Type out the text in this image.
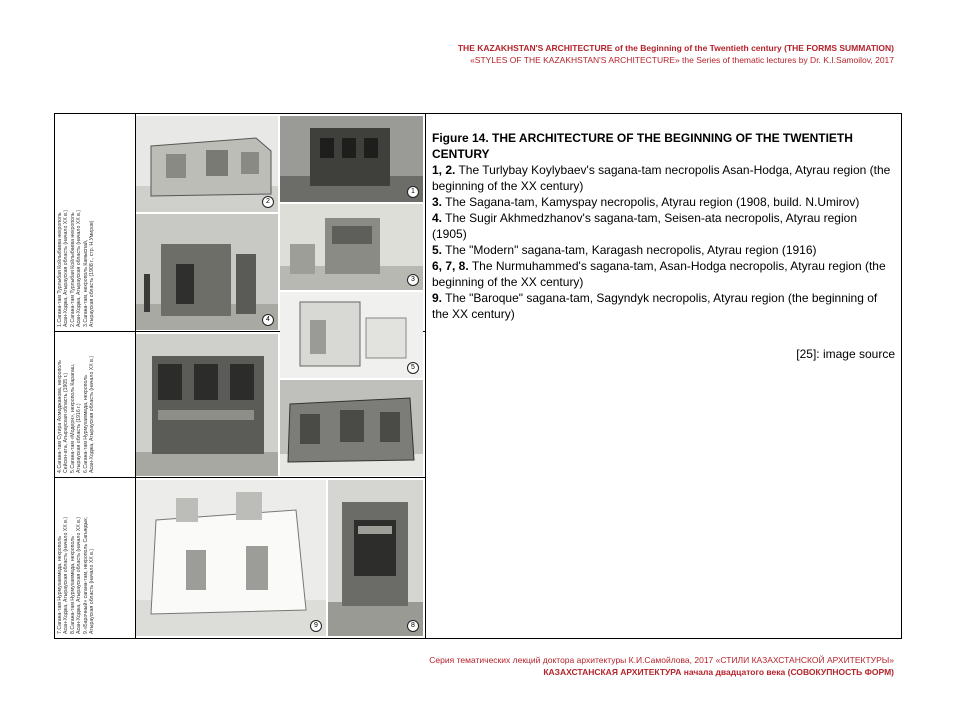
THE KAZAKHSTAN'S ARCHITECTURE of the Beginning of the Twentieth century (THE FORMS SUMMATION)
«STYLES OF THE KAZAKHSTAN'S ARCHITECTURE» the Series of thematic lectures by Dr. K.I.Samoilov, 2017
1.Сагана-там Турлыбая Койлыбаева некрополь
Асан-Ходжа, Атырауская область (начало XX в.)
2.Сагана-там Турлыбая Койлыбаева некрополь
Асан-Ходжа, Атырауская область (начало XX в.)
3.Сагана-там, некрополь Камыспай,
Атырауская область (1908 г., стр. Н.Умиров)
2
1
4
3
4.Сагана-там Сугира Ахмеджанова, некрополь
Сейсен-ата, Атырауская область (1905 г.)
5.Сагана-там «Модерн», некрополь Карагаш,
Атырауская область (1916 г.)
6.Сагана-там Нурмухаммеда, некрополь
Асан-Ходжа, Атырауская область (начало XX в.)
5
7.Сагана-там Нурмухаммеда, некрополь
Асан-Ходжа, Атырауская область (начало XX в.)
8.Сагана-там Нурмухаммеда, некрополь
Асан-Ходжа, Атырауская область (начало XX в.)
9.«Барочный» сагана-там, некрополь Сагындык,
Атырауская область (начало XX в.)
9	8
Figure 14. THE ARCHITECTURE OF THE BEGINNING OF THE TWENTIETH CENTURY
1, 2. The Turlybay Koylybaev's sagana-tam necropolis Asan-Hodga, Atyrau region (the beginning of the XX century)
3. The Sagana-tam, Kamyspay necropolis, Atyrau region (1908, build. N.Umirov)
4. The Sugir Akhmedzhanov's sagana-tam, Seisen-ata necropolis, Atyrau region (1905)
5. The "Modern" sagana-tam, Karagash necropolis, Atyrau region (1916)
6, 7, 8. The Nurmuhammed's sagana-tam, Asan-Hodga necropolis, Atyrau region (the beginning of the XX century)
9. The "Baroque" sagana-tam, Sagyndyk necropolis, Atyrau region (the beginning of the XX century)
[25]: image source
Серия тематических лекций доктора архитектуры К.И.Самойлова, 2017 «СТИЛИ КАЗАХСТАНСКОЙ АРХИТЕКТУРЫ»
КАЗАХСТАНСКАЯ АРХИТЕКТУРА начала двадцатого века (СОВОКУПНОСТЬ ФОРМ)
